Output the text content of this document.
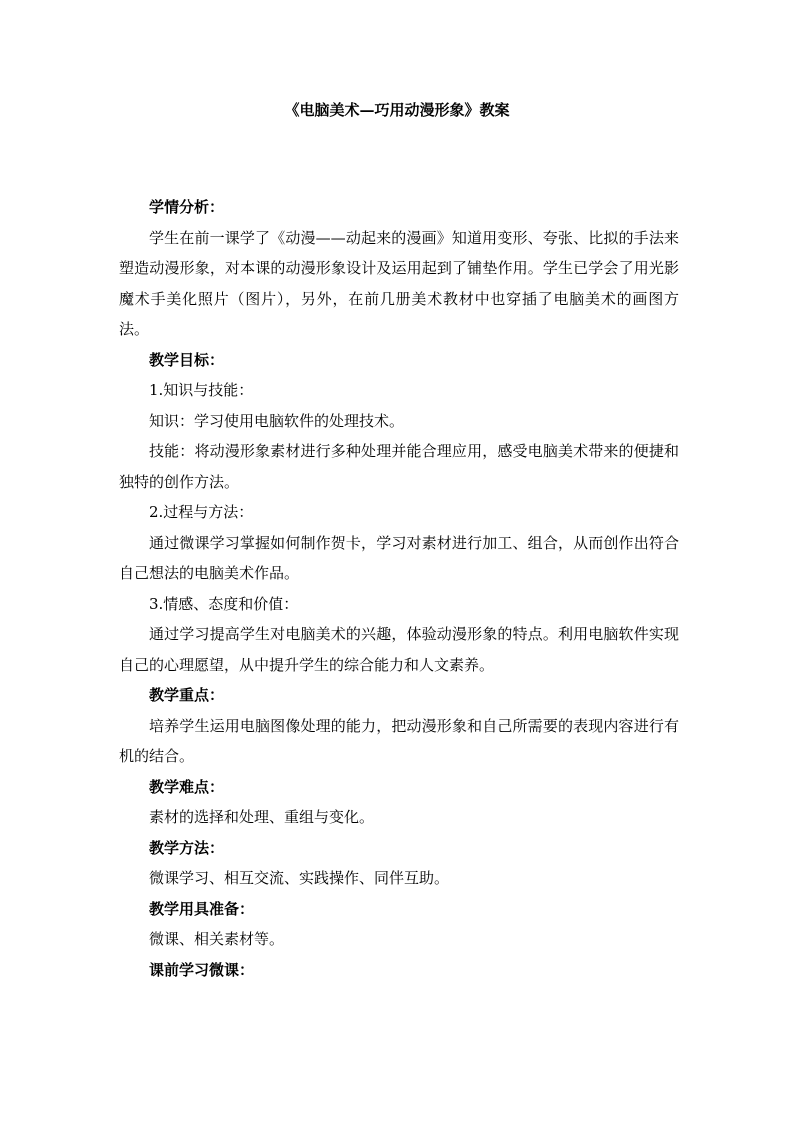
《电脑美术—巧用动漫形象》教案

学情分析：

学生在前一课学了《动漫——动起来的漫画》知道用变形、夸张、比拟的手法来塑造动漫形象，对本课的动漫形象设计及运用起到了铺垫作用。学生已学会了用光影魔术手美化照片（图片），另外，在前几册美术教材中也穿插了电脑美术的画图方法。

教学目标：

1.知识与技能：

知识：学习使用电脑软件的处理技术。

技能：将动漫形象素材进行多种处理并能合理应用，感受电脑美术带来的便捷和独特的创作方法。

2.过程与方法：

通过微课学习掌握如何制作贺卡，学习对素材进行加工、组合，从而创作出符合自己想法的电脑美术作品。

3.情感、态度和价值：

通过学习提高学生对电脑美术的兴趣，体验动漫形象的特点。利用电脑软件实现自己的心理愿望，从中提升学生的综合能力和人文素养。

教学重点：

培养学生运用电脑图像处理的能力，把动漫形象和自己所需要的表现内容进行有机的结合。

教学难点：

素材的选择和处理、重组与变化。

教学方法：

微课学习、相互交流、实践操作、同伴互助。

教学用具准备：

微课、相关素材等。

课前学习微课：
